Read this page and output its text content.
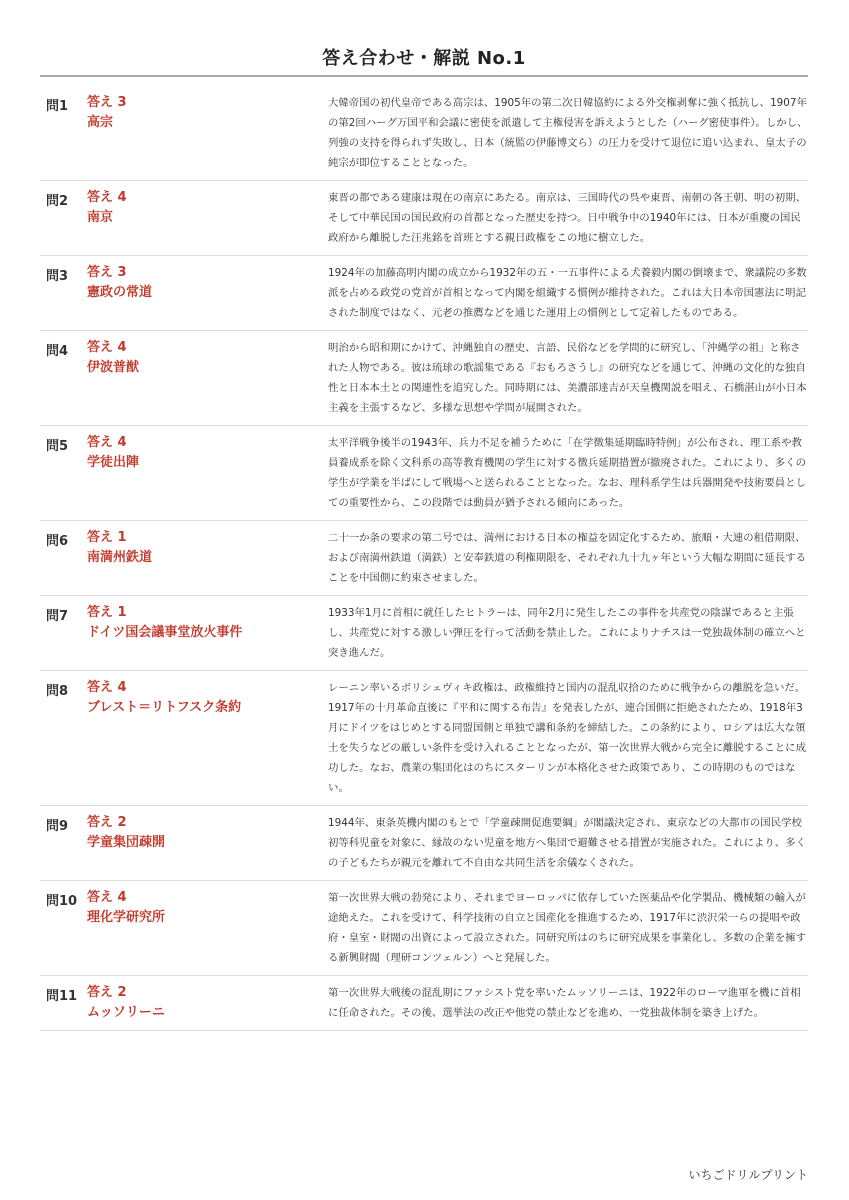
答え合わせ・解説 No.1
問1	答え 3
高宗
大韓帝国の初代皇帝である高宗は、1905年の第二次日韓協約による外交権剥奪に強く抵抗し、1907年の第2回ハーグ万国平和会議に密使を派遣して主権侵害を訴えようとした（ハーグ密使事件）。しかし、列強の支持を得られず失敗し、日本（統監の伊藤博文ら）の圧力を受けて退位に追い込まれ、皇太子の純宗が即位することとなった。
問2	答え 4
南京
東晋の都である建康は現在の南京にあたる。南京は、三国時代の呉や東晋、南朝の各王朝、明の初期、そして中華民国の国民政府の首都となった歴史を持つ。日中戦争中の1940年には、日本が重慶の国民政府から離脱した汪兆銘を首班とする親日政権をこの地に樹立した。
問3	答え 3
憲政の常道
1924年の加藤高明内閣の成立から1932年の五・一五事件による犬養毅内閣の倒壊まで、衆議院の多数派を占める政党の党首が首相となって内閣を組織する慣例が維持された。これは大日本帝国憲法に明記された制度ではなく、元老の推薦などを通じた運用上の慣例として定着したものである。
問4	答え 4
伊波普猷
明治から昭和期にかけて、沖縄独自の歴史、言語、民俗などを学問的に研究し、「沖縄学の祖」と称された人物である。彼は琉球の歌謡集である『おもろさうし』の研究などを通じて、沖縄の文化的な独自性と日本本土との関連性を追究した。同時期には、美濃部達吉が天皇機関説を唱え、石橋湛山が小日本主義を主張するなど、多様な思想や学問が展開された。
問5	答え 4
学徒出陣
太平洋戦争後半の1943年、兵力不足を補うために「在学徴集延期臨時特例」が公布され、理工系や教員養成系を除く文科系の高等教育機関の学生に対する徴兵延期措置が撤廃された。これにより、多くの学生が学業を半ばにして戦場へと送られることとなった。なお、理科系学生は兵器開発や技術要員としての重要性から、この段階では動員が猶予される傾向にあった。
問6	答え 1
南満州鉄道
二十一か条の要求の第二号では、満州における日本の権益を固定化するため、旅順・大連の租借期限、および南満州鉄道（満鉄）と安奉鉄道の利権期限を、それぞれ九十九ヶ年という大幅な期間に延長することを中国側に約束させました。
問7	答え 1
ドイツ国会議事堂放火事件
1933年1月に首相に就任したヒトラーは、同年2月に発生したこの事件を共産党の陰謀であると主張し、共産党に対する激しい弾圧を行って活動を禁止した。これによりナチスは一党独裁体制の確立へと突き進んだ。
問8	答え 4
ブレスト＝リトフスク条約
レーニン率いるボリシェヴィキ政権は、政権維持と国内の混乱収拾のために戦争からの離脱を急いだ。1917年の十月革命直後に『平和に関する布告』を発表したが、連合国側に拒絶されたため、1918年3月にドイツをはじめとする同盟国側と単独で講和条約を締結した。この条約により、ロシアは広大な領土を失うなどの厳しい条件を受け入れることとなったが、第一次世界大戦から完全に離脱することに成功した。なお、農業の集団化はのちにスターリンが本格化させた政策であり、この時期のものではない。
問9	答え 2
学童集団疎開
1944年、東条英機内閣のもとで「学童疎開促進要綱」が閣議決定され、東京などの大都市の国民学校初等科児童を対象に、縁故のない児童を地方へ集団で避難させる措置が実施された。これにより、多くの子どもたちが親元を離れて不自由な共同生活を余儀なくされた。
問10 答え 4
理化学研究所
第一次世界大戦の勃発により、それまでヨーロッパに依存していた医薬品や化学製品、機械類の輸入が途絶えた。これを受けて、科学技術の自立と国産化を推進するため、1917年に渋沢栄一らの提唱や政府・皇室・財閥の出資によって設立された。同研究所はのちに研究成果を事業化し、多数の企業を擁する新興財閥（理研コンツェルン）へと発展した。
問11 答え 2
ムッソリーニ
第一次世界大戦後の混乱期にファシスト党を率いたムッソリーニは、1922年のローマ進軍を機に首相に任命された。その後、選挙法の改正や他党の禁止などを進め、一党独裁体制を築き上げた。
いちごドリルプリント
